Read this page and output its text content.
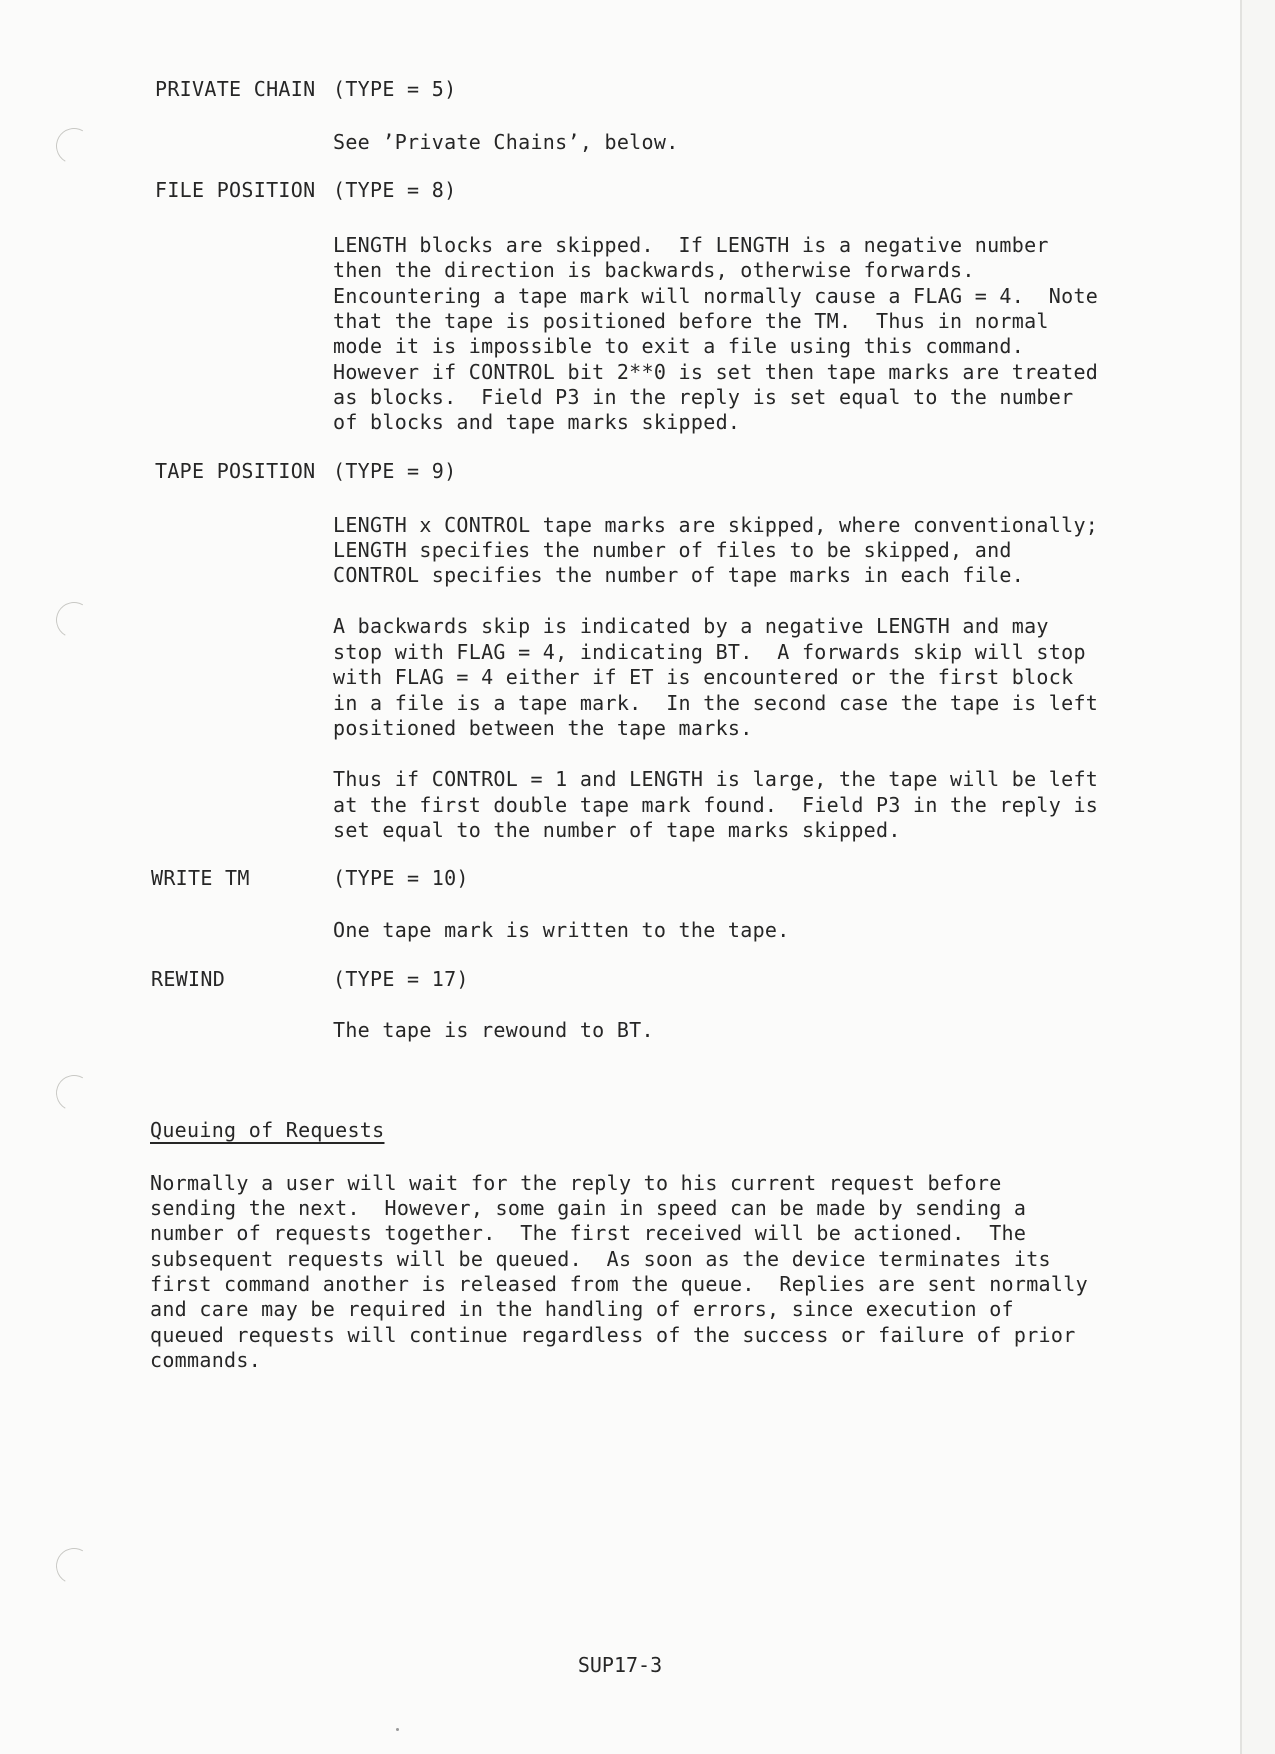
PRIVATE CHAIN (TYPE = 5)
See ’Private Chains’, below.
FILE POSITION (TYPE = 8)
LENGTH blocks are skipped.  If LENGTH is a negative number
then the direction is backwards, otherwise forwards.
Encountering a tape mark will normally cause a FLAG = 4.  Note
that the tape is positioned before the TM.  Thus in normal
mode it is impossible to exit a file using this command.
However if CONTROL bit 2**0 is set then tape marks are treated
as blocks.  Field P3 in the reply is set equal to the number
of blocks and tape marks skipped.
TAPE POSITION (TYPE = 9)
LENGTH x CONTROL tape marks are skipped, where conventionally;
LENGTH specifies the number of files to be skipped, and
CONTROL specifies the number of tape marks in each file.
A backwards skip is indicated by a negative LENGTH and may
stop with FLAG = 4, indicating BT.  A forwards skip will stop
with FLAG = 4 either if ET is encountered or the first block
in a file is a tape mark.  In the second case the tape is left
positioned between the tape marks.
Thus if CONTROL = 1 and LENGTH is large, the tape will be left
at the first double tape mark found.  Field P3 in the reply is
set equal to the number of tape marks skipped.
WRITE TM	(TYPE = 10)
One tape mark is written to the tape.
REWIND	(TYPE = 17)
The tape is rewound to BT.
Queuing of Requests
Normally a user will wait for the reply to his current request before
sending the next.  However, some gain in speed can be made by sending a
number of requests together.  The first received will be actioned.  The
subsequent requests will be queued.  As soon as the device terminates its
first command another is released from the queue.  Replies are sent normally
and care may be required in the handling of errors, since execution of
queued requests will continue regardless of the success or failure of prior
commands.
SUP17-3
